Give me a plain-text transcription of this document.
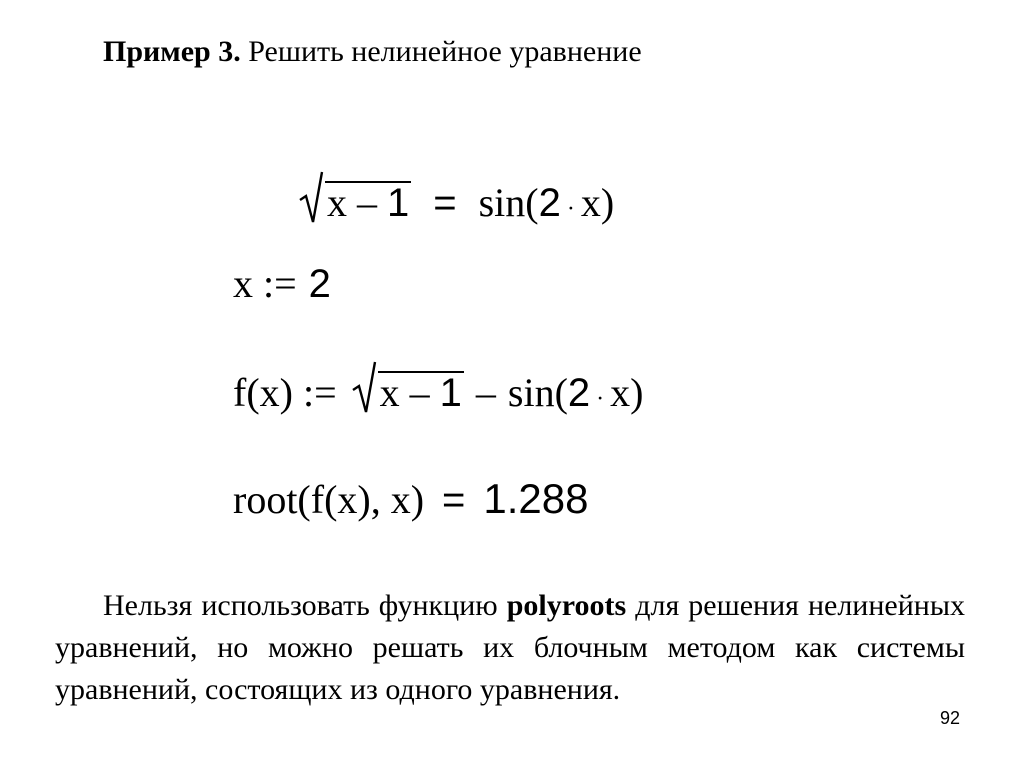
Пример 3. Решить нелинейное уравнение
x – 1 = sin( 2 · x)
x := 2
f(x) := x – 1 – sin( 2 · x)
root(f(x), x) = 1.288
Нельзя использовать функцию polyroots для решения нелинейных уравнений, но можно решать их блочным методом как системы уравнений, состоящих из одного уравнения.
92
